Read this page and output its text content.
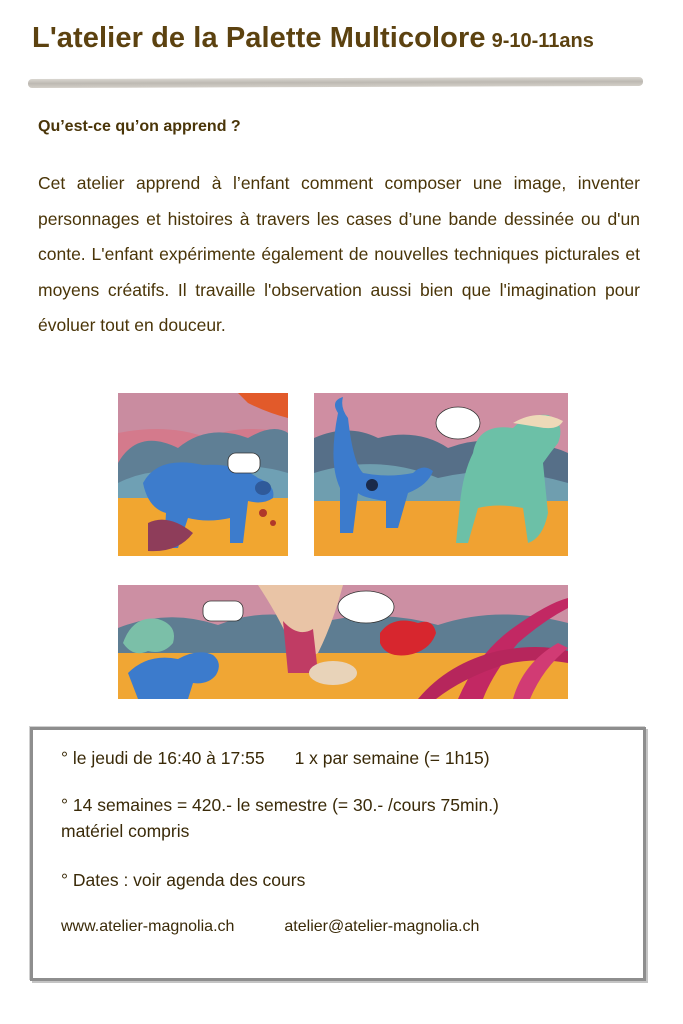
L'atelier de la Palette Multicolore 9-10-11ans
Qu’est-ce qu’on apprend ?
Cet atelier apprend à l’enfant comment composer une image, inventer personnages et histoires à travers les cases d’une bande dessinée ou d'un conte. L'enfant expérimente également de nouvelles techniques picturales et moyens créatifs. Il travaille l'observation aussi bien que l'imagination pour évoluer tout en douceur.
° le jeudi de 16:40 à 17:55 1 x par semaine (= 1h15)
° 14 semaines = 420.- le semestre (= 30.- /cours 75min.)
matériel compris
° Dates : voir agenda des cours
www.atelier-magnolia.ch	atelier@atelier-magnolia.ch
